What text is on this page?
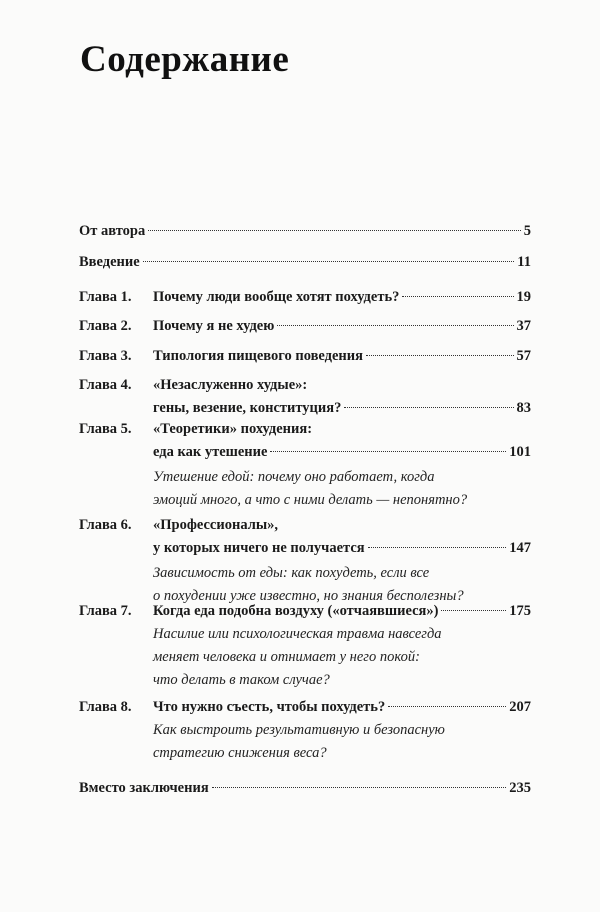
Содержание
От автора	5
Введение	11
Глава 1.	Почему люди вообще хотят похудеть?	19
Глава 2.	Почему я не худею	37
Глава 3.	Типология пищевого поведения	57
Глава 4.	«Незаслуженно худые»:
гены, везение, конституция?	83
Глава 5.	«Теоретики» похудения:
еда как утешение	101
Утешение едой: почему оно работает, когда
эмоций много, а что с ними делать — непонятно?
Глава 6.	«Профессионалы»,
у которых ничего не получается	147
Зависимость от еды: как похудеть, если все
о похудении уже известно, но знания бесполезны?
Глава 7.	Когда еда подобна воздуху («отчаявшиеся»)	175
Насилие или психологическая травма навсегда
меняет человека и отнимает у него покой:
что делать в таком случае?
Глава 8.	Что нужно съесть, чтобы похудеть?	207
Как выстроить результативную и безопасную
стратегию снижения веса?
Вместо заключения	235
